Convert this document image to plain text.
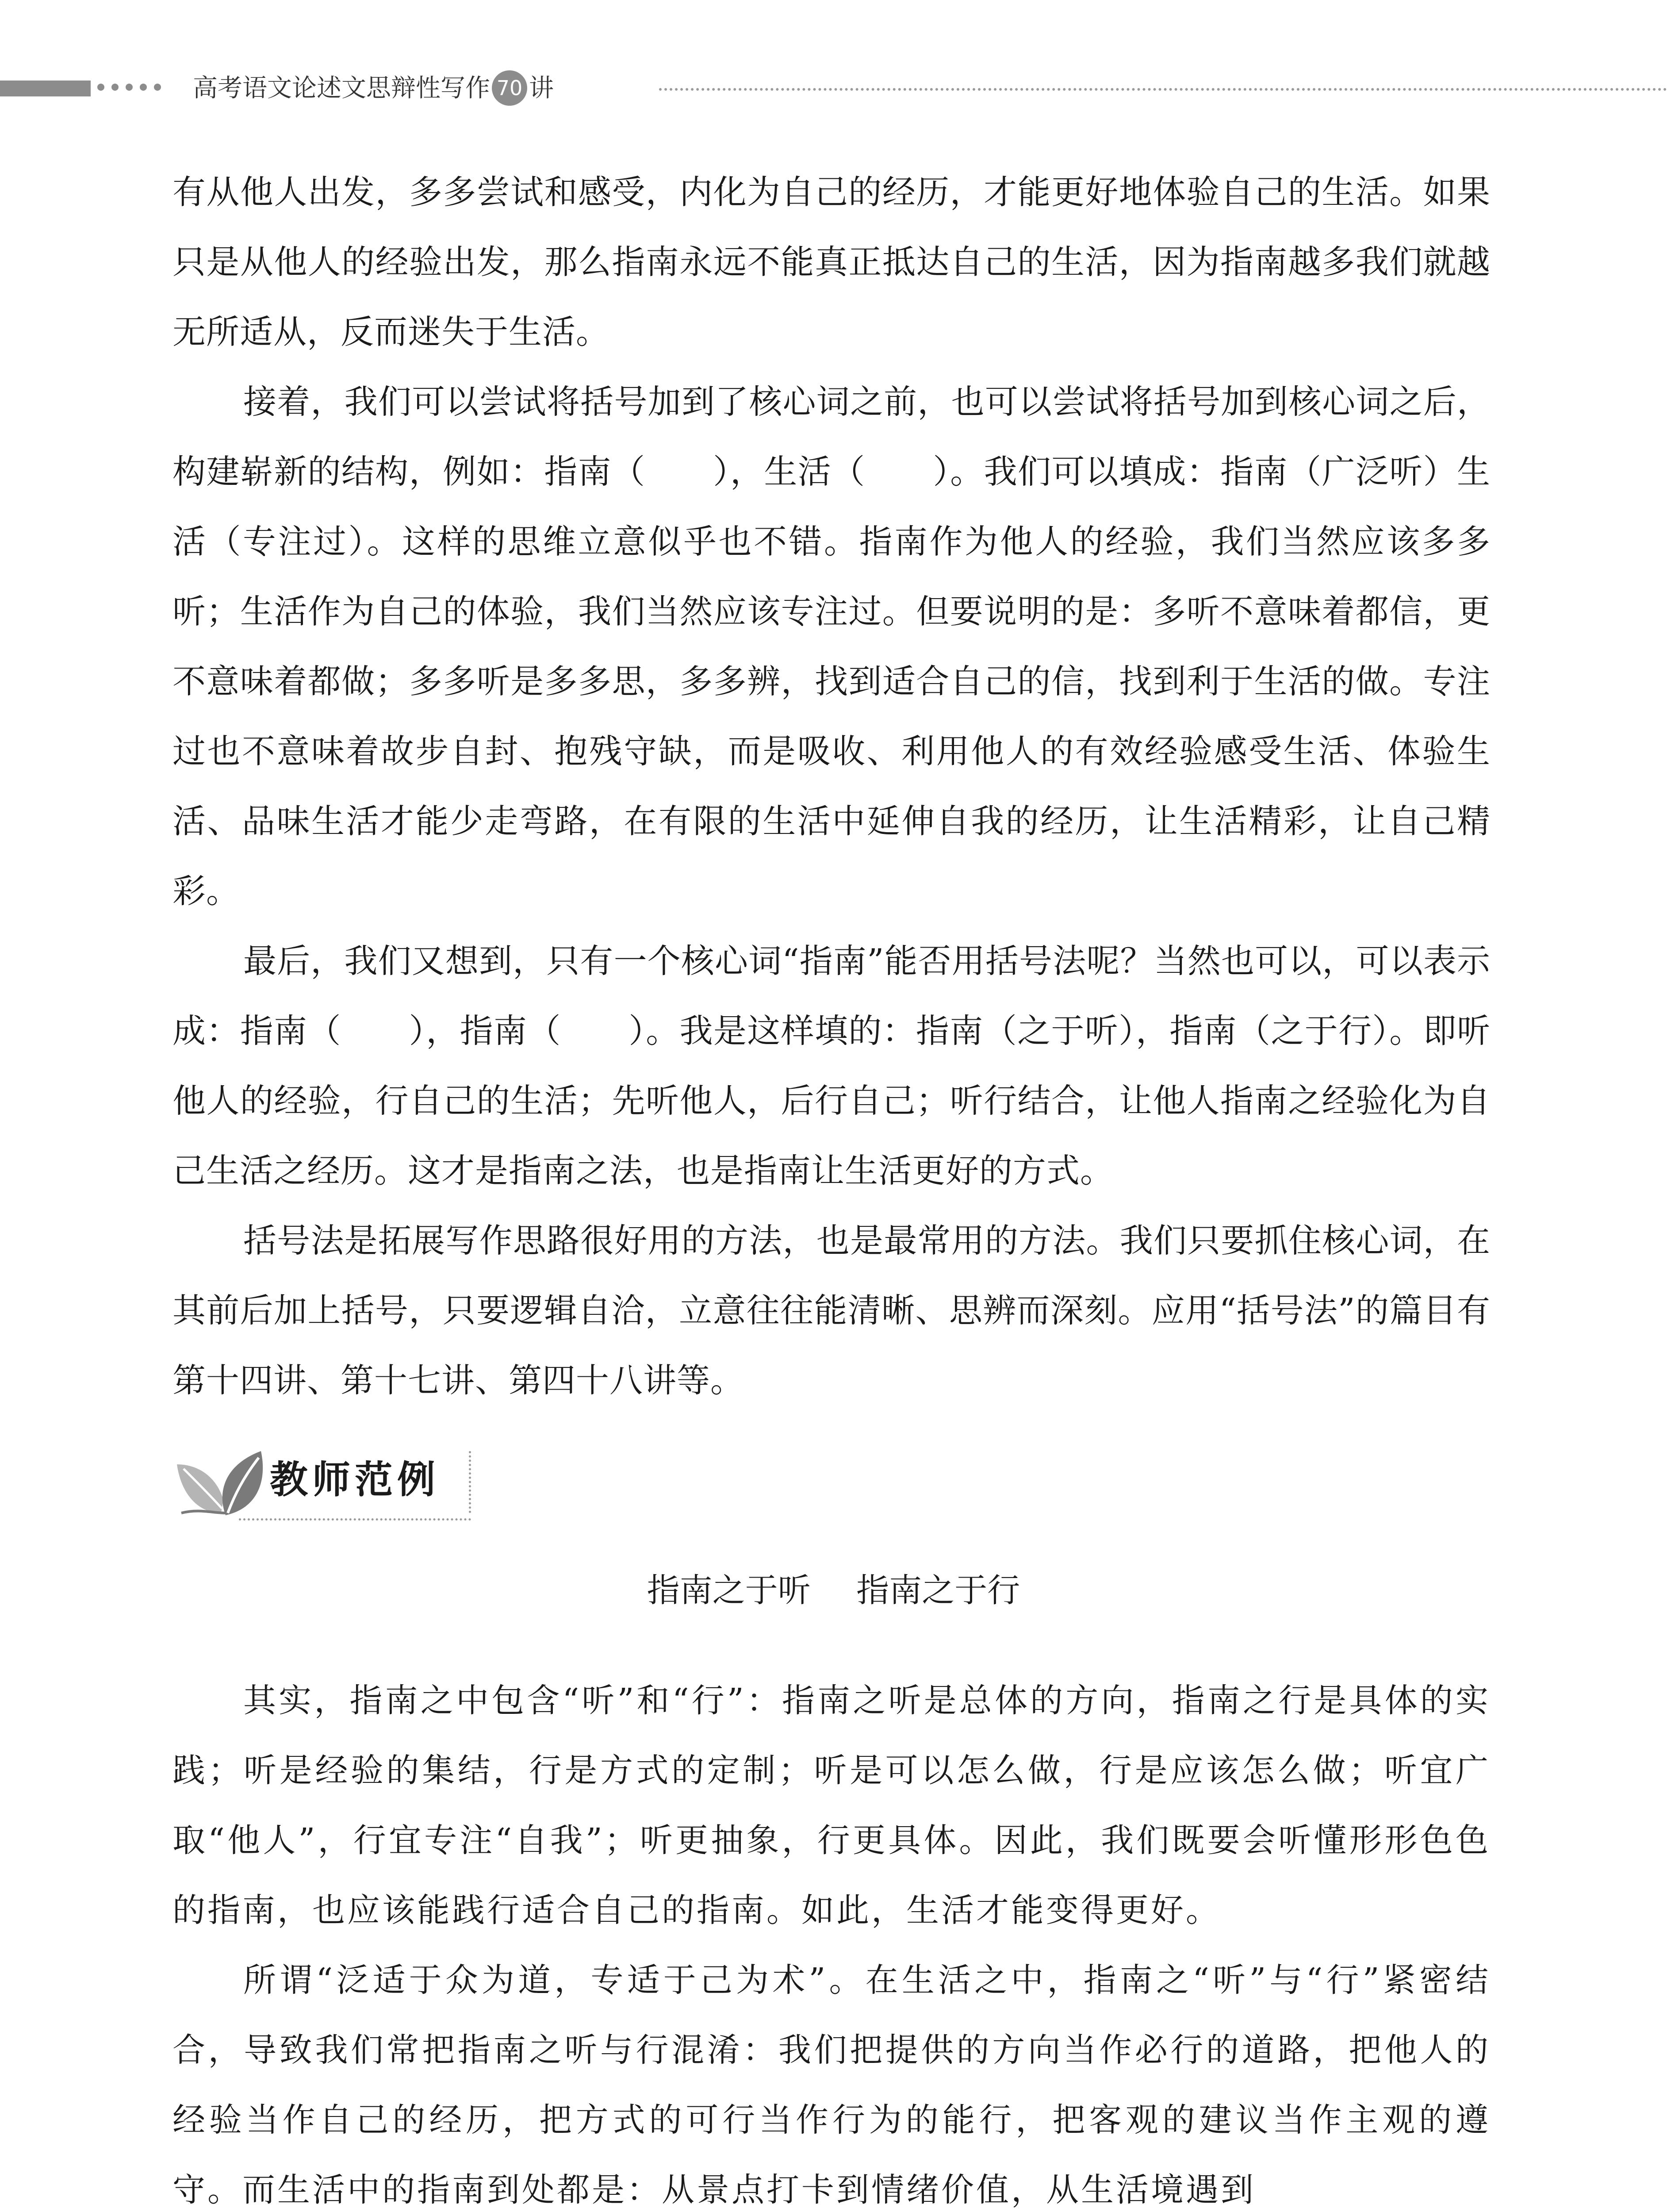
高考语文论述文思辩性写作 70 讲

有从他人出发，多多尝试和感受，内化为自己的经历，才能更好地体验自己的生活。如果只是从他人的经验出发，那么指南永远不能真正抵达自己的生活，因为指南越多我们就越无所适从，反而迷失于生活。

接着，我们可以尝试将括号加到了核心词之前，也可以尝试将括号加到核心词之后，构建崭新的结构，例如：指南（　　），生活（　　）。我们可以填成：指南（广泛听）生活（专注过）。这样的思维立意似乎也不错。指南作为他人的经验，我们当然应该多多听；生活作为自己的体验，我们当然应该专注过。但要说明的是：多听不意味着都信，更不意味着都做；多多听是多多思，多多辨，找到适合自己的信，找到利于生活的做。专注过也不意味着故步自封、抱残守缺，而是吸收、利用他人的有效经验感受生活、体验生活、品味生活才能少走弯路，在有限的生活中延伸自我的经历，让生活精彩，让自己精彩。

最后，我们又想到，只有一个核心词“指南”能否用括号法呢？当然也可以，可以表示成：指南（　　），指南（　　）。我是这样填的：指南（之于听），指南（之于行）。即听他人的经验，行自己的生活；先听他人，后行自己；听行结合，让他人指南之经验化为自己生活之经历。这才是指南之法，也是指南让生活更好的方式。

括号法是拓展写作思路很好用的方法，也是最常用的方法。我们只要抓住核心词，在其前后加上括号，只要逻辑自洽，立意往往能清晰、思辨而深刻。应用“括号法”的篇目有第十四讲、第十七讲、第四十八讲等。

教师范例
指南之于听 指南之于行

其实，指南之中包含“听”和“行”：指南之听是总体的方向，指南之行是具体的实践；听是经验的集结，行是方式的定制；听是可以怎么做，行是应该怎么做；听宜广取“他人”，行宜专注“自我”；听更抽象，行更具体。因此，我们既要会听懂形形色色的指南，也应该能践行适合自己的指南。如此，生活才能变得更好。

所谓“泛适于众为道，专适于己为术”。在生活之中，指南之“听”与“行”紧密结合，导致我们常把指南之听与行混淆：我们把提供的方向当作必行的道路，把他人的经验当作自己的经历，把方式的可行当作行为的能行，把客观的建议当作主观的遵守。而生活中的指南到处都是：从景点打卡到情绪价值，从生活境遇到
